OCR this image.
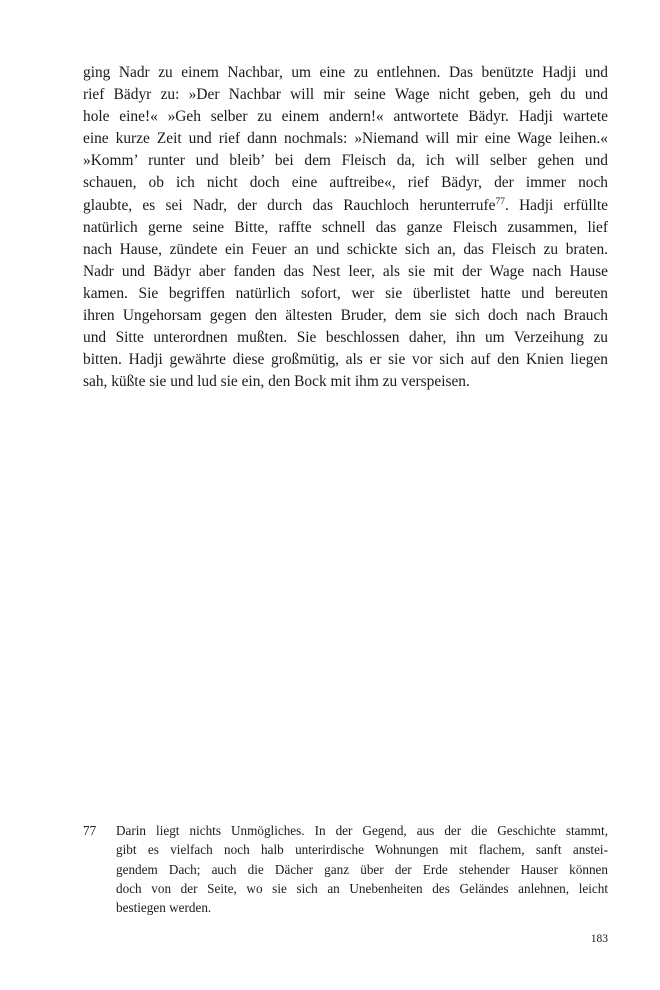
ging Nadr zu einem Nachbar, um eine zu entlehnen. Das benützte Hadji und
rief Bädyr zu: »Der Nachbar will mir seine Wage nicht geben, geh du und
hole eine!« »Geh selber zu einem andern!« antwortete Bädyr. Hadji wartete
eine kurze Zeit und rief dann nochmals: »Niemand will mir eine Wage leihen.«
»Komm’ runter und bleib’ bei dem Fleisch da, ich will selber gehen und
schauen, ob ich nicht doch eine auftreibe«, rief Bädyr, der immer noch
glaubte, es sei Nadr, der durch das Rauchloch herunterrufe$^{77}$. Hadji erfüllte
natürlich gerne seine Bitte, raffte schnell das ganze Fleisch zusammen, lief
nach Hause, zündete ein Feuer an und schickte sich an, das Fleisch zu braten.
Nadr und Bädyr aber fanden das Nest leer, als sie mit der Wage nach Hause
kamen. Sie begriffen natürlich sofort, wer sie überlistet hatte und bereuten
ihren Ungehorsam gegen den ältesten Bruder, dem sie sich doch nach Brauch
und Sitte unterordnen mußten. Sie beschlossen daher, ihn um Verzeihung zu
bitten. Hadji gewährte diese großmütig, als er sie vor sich auf den Knien liegen
sah, küßte sie und lud sie ein, den Bock mit ihm zu verspeisen.
77 Darin liegt nichts Unmögliches. In der Gegend, aus der die Geschichte stammt,
gibt es vielfach noch halb unterirdische Wohnungen mit flachem, sanft anstei-
gendem Dach; auch die Dächer ganz über der Erde stehender Hauser können
doch von der Seite, wo sie sich an Unebenheiten des Geländes anlehnen, leicht
bestiegen werden.
183
